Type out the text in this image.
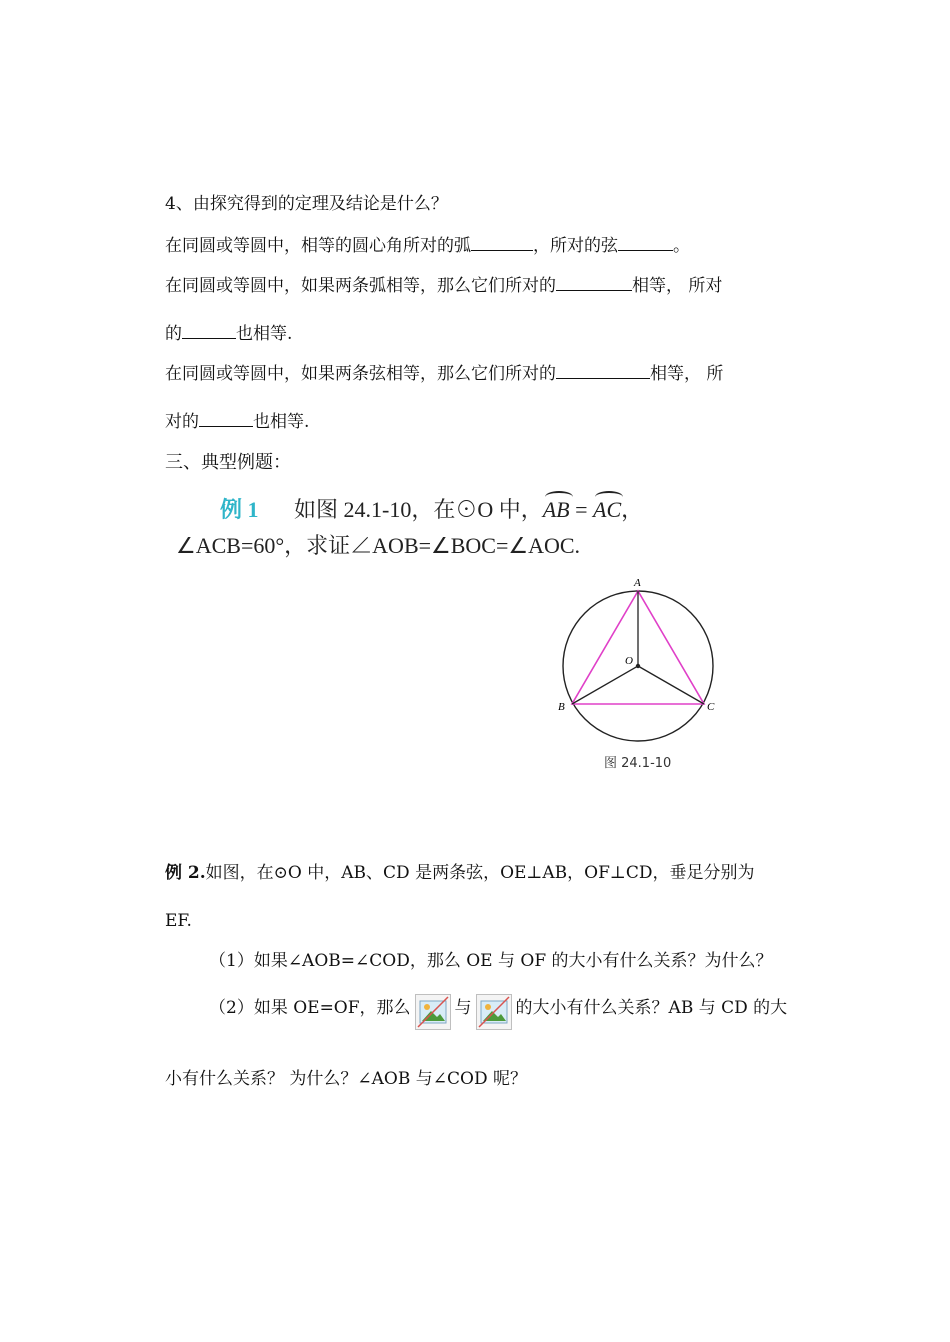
4、由探究得到的定理及结论是什么？
在同圆或等圆中，相等的圆心角所对的弧	，所对的弦	。
在同圆或等圆中，如果两条弧相等，那么它们所对的	相等， 所对
的	也相等.
在同圆或等圆中，如果两条弦相等，那么它们所对的	相等， 所
对的	也相等.
三、典型例题：
例 1 如图 24.1-10，在⊙O 中，
AB =
AC，
∠ACB=60°，求证∠AOB=∠BOC=∠AOC.
A
B	C
O
图 24.1-10
例 2.如图，在⊙O 中，AB、CD 是两条弦，OE⊥AB，OF⊥CD，垂足分别为
EF.
（1）如果∠AOB=∠COD，那么 OE 与 OF 的大小有什么关系？为什么？
（2）如果 OE=OF，那么	与	的大小有什么关系？AB 与 CD 的大
小有什么关系？ 为什么？∠AOB 与∠COD 呢？
